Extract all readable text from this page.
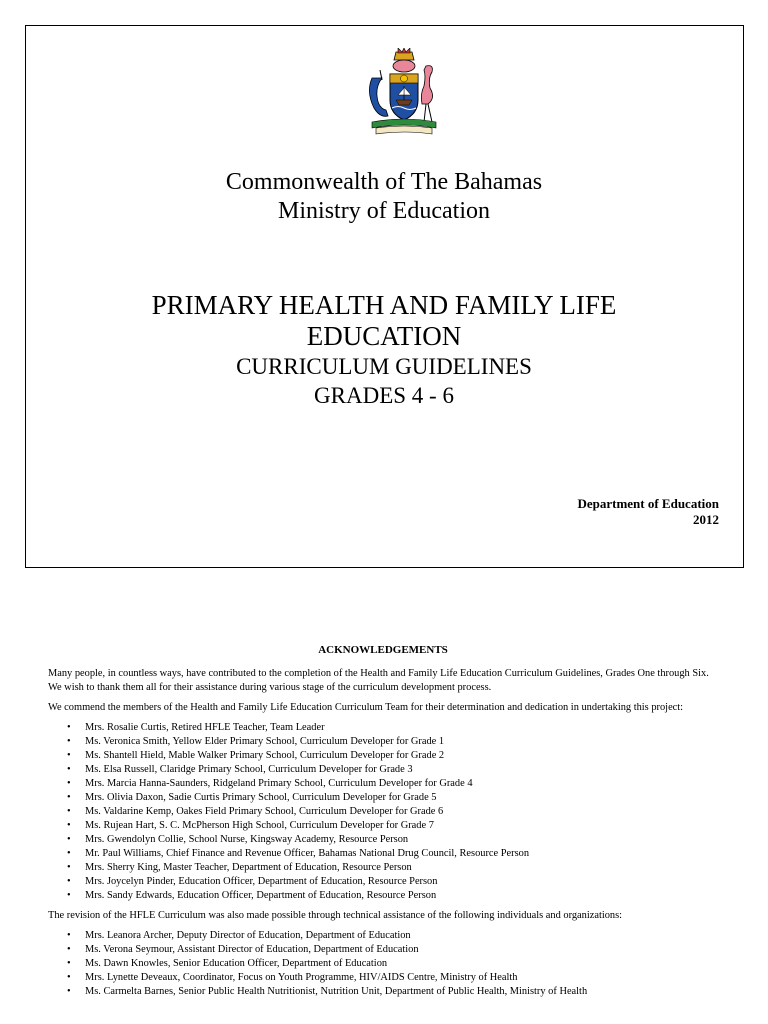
Commonwealth of The Bahamas
Ministry of Education
PRIMARY HEALTH AND FAMILY LIFE
EDUCATION
CURRICULUM GUIDELINES
GRADES 4 - 6
Department of Education
2012
ACKNOWLEDGEMENTS

Many people, in countless ways, have contributed to the completion of the Health and Family Life Education Curriculum Guidelines, Grades One through Six. We wish to thank them all for their assistance during various stage of the curriculum development process.

We commend the members of the Health and Family Life Education Curriculum Team for their determination and dedication in undertaking this project:

• Mrs. Rosalie Curtis, Retired HFLE Teacher, Team Leader
• Ms. Veronica Smith, Yellow Elder Primary School, Curriculum Developer for Grade 1
• Ms. Shantell Hield, Mable Walker Primary School, Curriculum Developer for Grade 2
• Ms. Elsa Russell, Claridge Primary School, Curriculum Developer for Grade 3
• Mrs. Marcia Hanna-Saunders, Ridgeland Primary School, Curriculum Developer for Grade 4
• Mrs. Olivia Daxon, Sadie Curtis Primary School, Curriculum Developer for Grade 5
• Ms. Valdarine Kemp, Oakes Field Primary School, Curriculum Developer for Grade 6
• Ms. Rujean Hart, S. C. McPherson High School, Curriculum Developer for Grade 7
• Mrs. Gwendolyn Collie, School Nurse, Kingsway Academy, Resource Person
• Mr. Paul Williams, Chief Finance and Revenue Officer, Bahamas National Drug Council, Resource Person
• Mrs. Sherry King, Master Teacher, Department of Education, Resource Person
• Mrs. Joycelyn Pinder, Education Officer, Department of Education, Resource Person
• Mrs. Sandy Edwards, Education Officer, Department of Education, Resource Person

The revision of the HFLE Curriculum was also made possible through technical assistance of the following individuals and organizations:

• Mrs. Leanora Archer, Deputy Director of Education, Department of Education
• Ms. Verona Seymour, Assistant Director of Education, Department of Education
• Ms. Dawn Knowles, Senior Education Officer, Department of Education
• Mrs. Lynette Deveaux, Coordinator, Focus on Youth Programme, HIV/AIDS Centre, Ministry of Health
• Ms. Carmelta Barnes, Senior Public Health Nutritionist, Nutrition Unit, Department of Public Health, Ministry of Health
